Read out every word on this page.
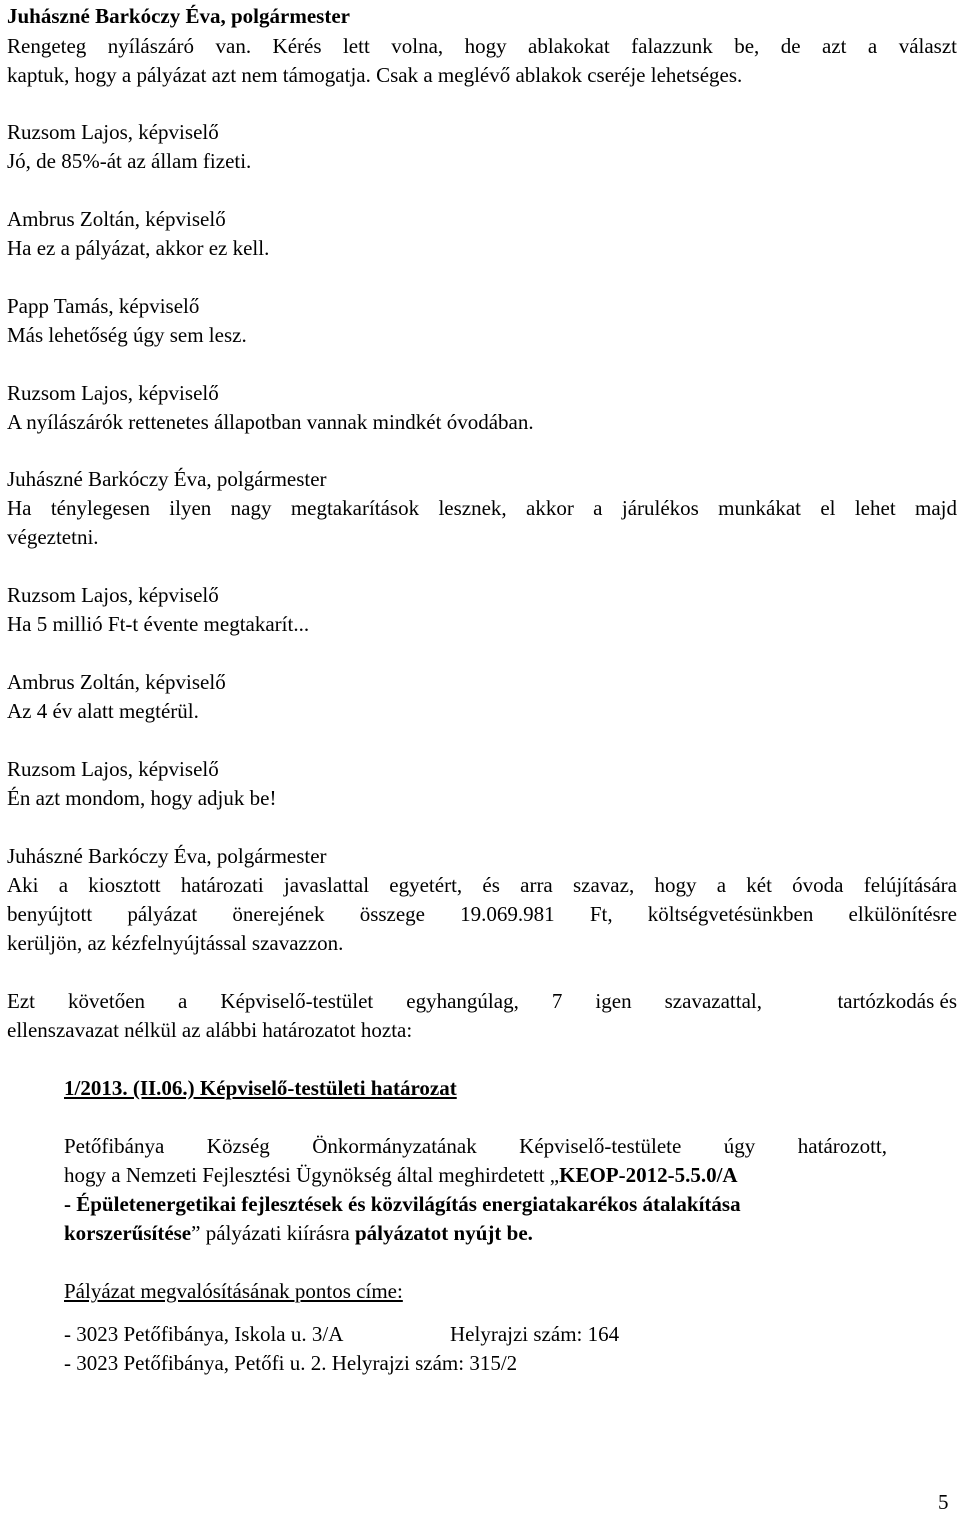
Juhászné Barkóczy Éva, polgármester
Rengeteg nyílászáró van. Kérés lett volna, hogy ablakokat falazzunk be, de azt a választ
kaptuk, hogy a pályázat azt nem támogatja. Csak a meglévő ablakok cseréje lehetséges.
Ruzsom Lajos, képviselő
Jó, de 85%-át az állam fizeti.
Ambrus Zoltán, képviselő
Ha ez a pályázat, akkor ez kell.
Papp Tamás, képviselő
Más lehetőség úgy sem lesz.
Ruzsom Lajos, képviselő
A nyílászárók rettenetes állapotban vannak mindkét óvodában.
Juhászné Barkóczy Éva, polgármester
Ha ténylegesen ilyen nagy megtakarítások lesznek, akkor a járulékos munkákat el lehet majd
végeztetni.
Ruzsom Lajos, képviselő
Ha 5 millió Ft-t évente megtakarít...
Ambrus Zoltán, képviselő
Az 4 év alatt megtérül.
Ruzsom Lajos, képviselő
Én azt mondom, hogy adjuk be!
Juhászné Barkóczy Éva, polgármester
Aki a kiosztott határozati javaslattal egyetért, és arra szavaz, hogy a két óvoda felújítására
benyújtott pályázat önerejének összege 19.069.981 Ft, költségvetésünkben elkülönítésre
kerüljön, az kézfelnyújtással szavazzon.
Ezt követően a Képviselő-testület egyhangúlag, 7 igen szavazattal,	tartózkodás és
ellenszavazat nélkül az alábbi határozatot hozta:
1/2013. (II.06.) Képviselő-testületi határozat
Petőfibánya Község Önkormányzatának Képviselő-testülete úgy határozott,
hogy a Nemzeti Fejlesztési Ügynökség által meghirdetett „KEOP-2012-5.5.0/A
- Épületenergetikai fejlesztések és közvilágítás energiatakarékos átalakítása
korszerűsítése” pályázati kiírásra pályázatot nyújt be.
Pályázat megvalósításának pontos címe:
- 3023 Petőfibánya, Iskola u. 3/A	Helyrajzi szám: 164
- 3023 Petőfibánya, Petőfi u. 2. Helyrajzi szám: 315/2
5
